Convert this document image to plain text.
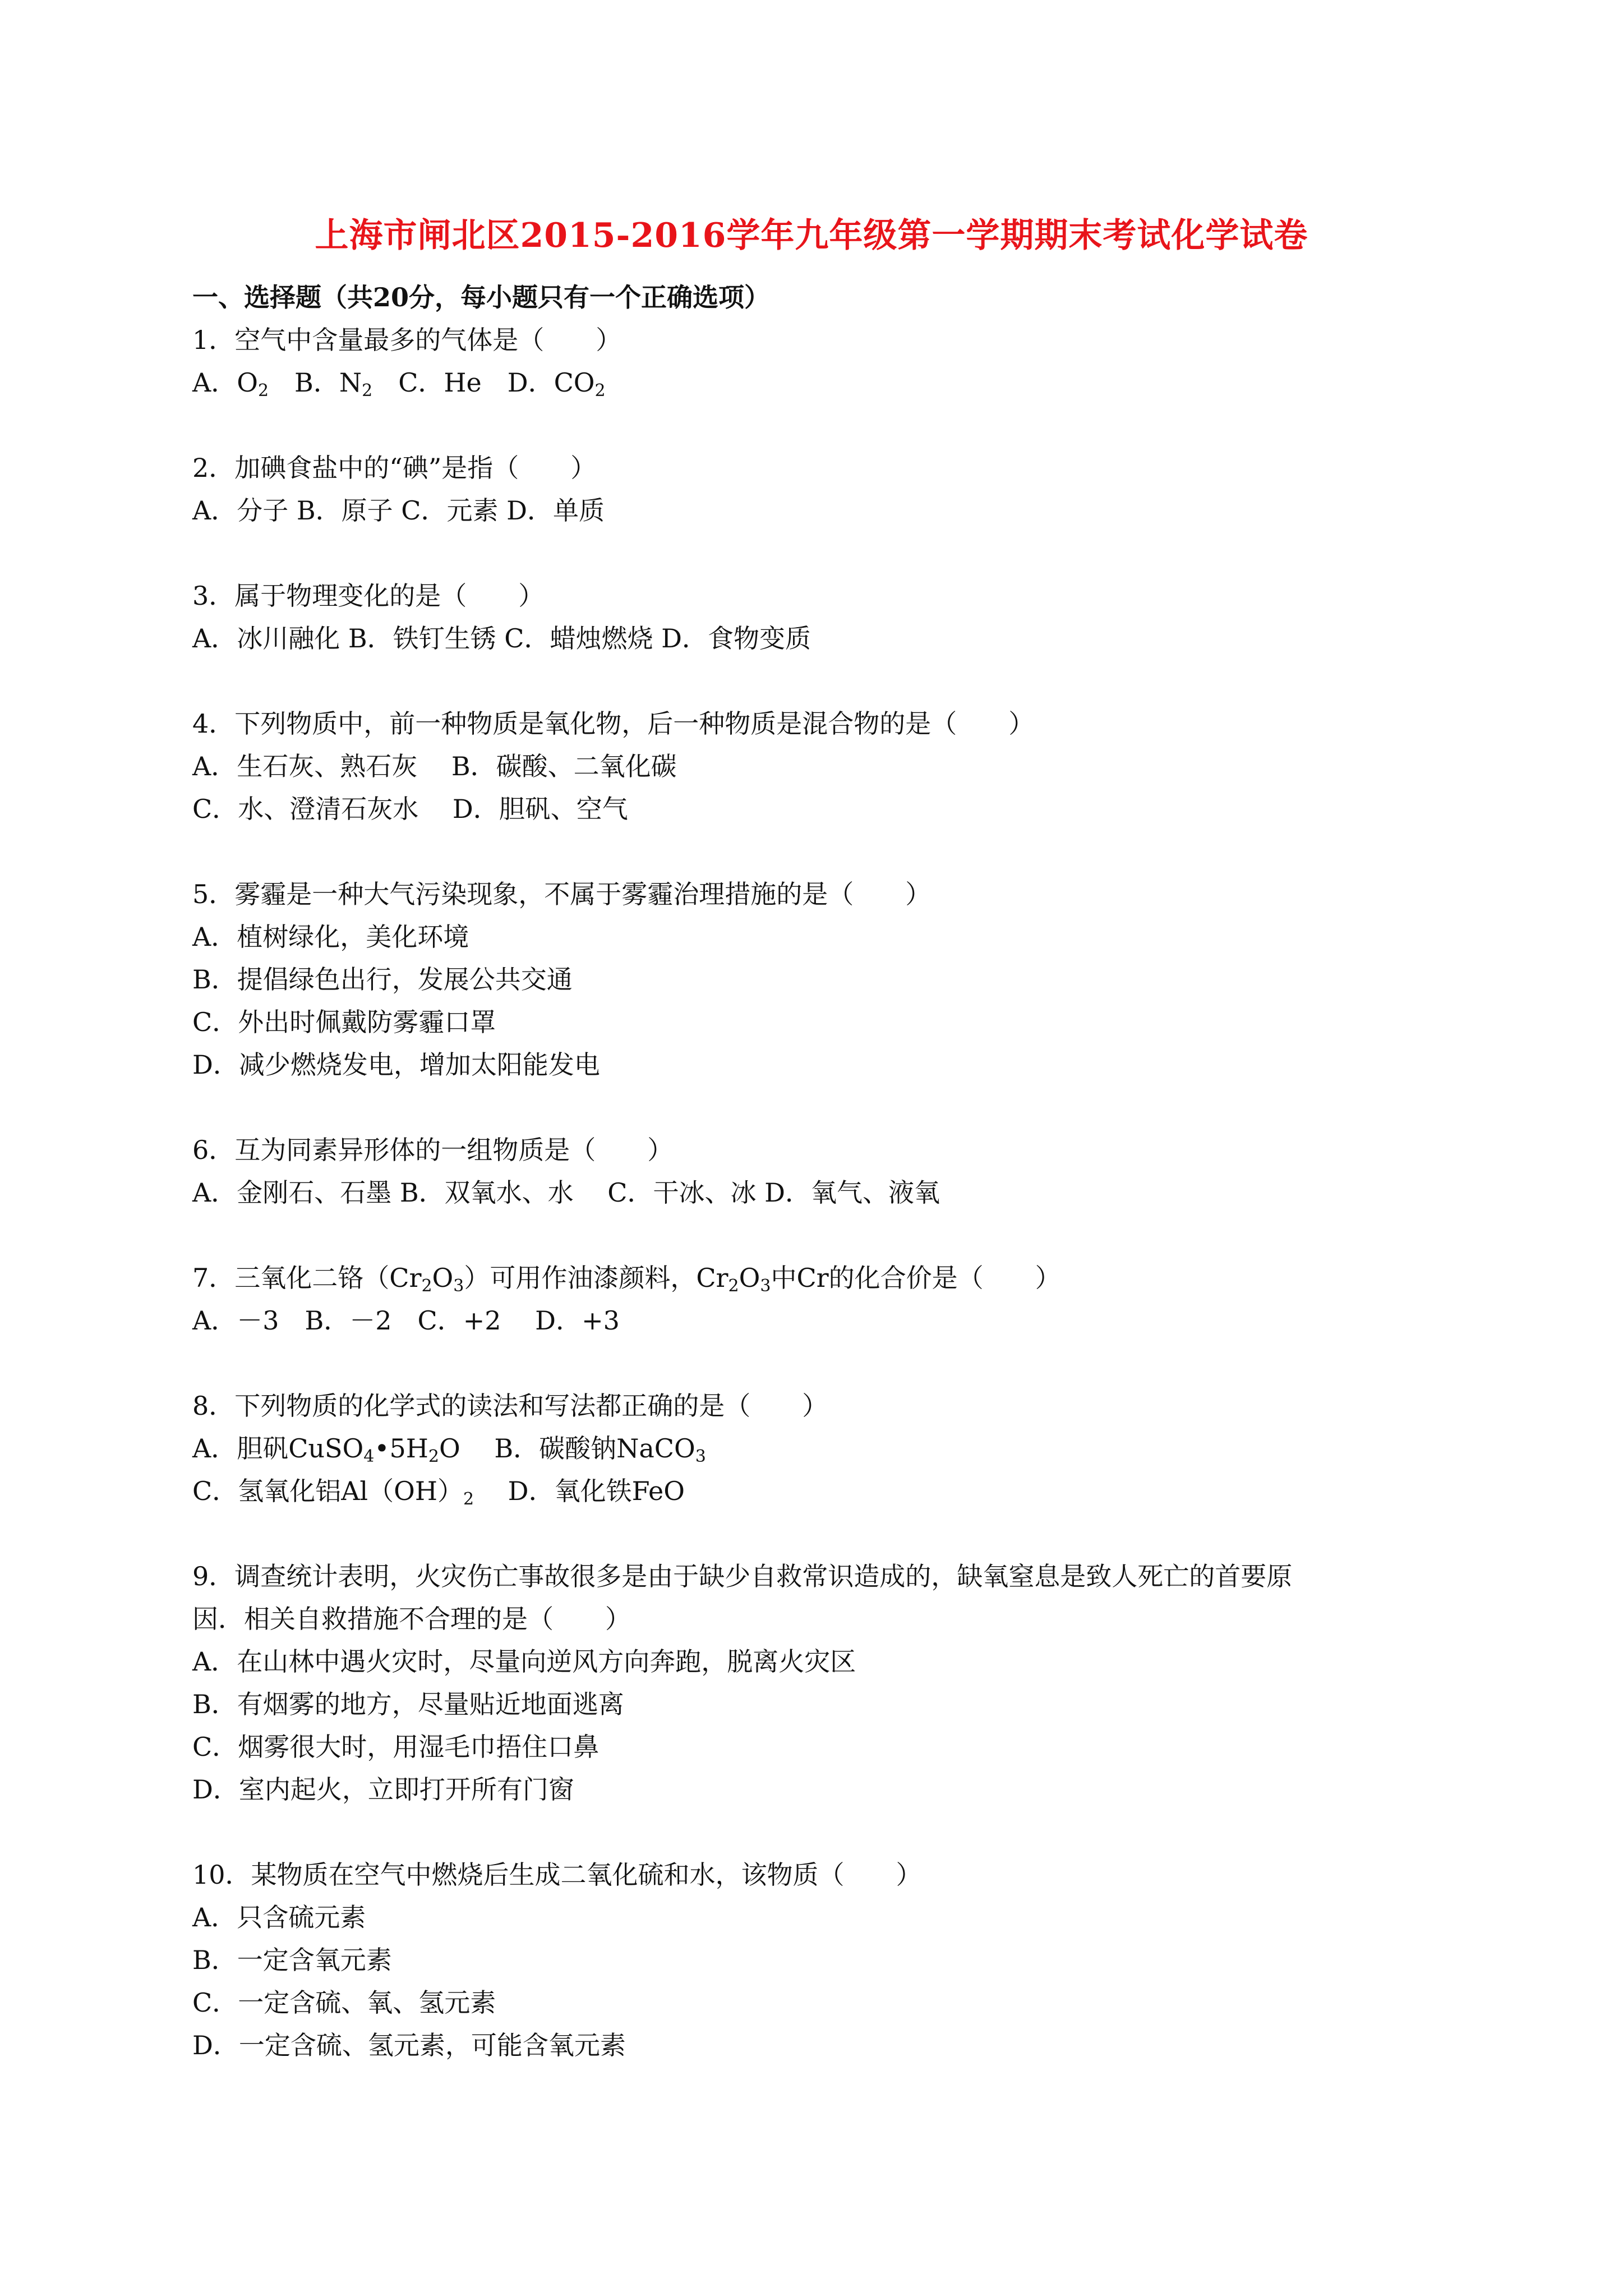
上海市闸北区2015-2016学年九年级第一学期期末考试化学试卷
一、选择题（共20分，每小题只有一个正确选项）
1．空气中含量最多的气体是（　　）
A．$O_2$ B．$N_2$ C．He D．$CO_2$
2．加碘食盐中的“碘”是指（　　）
A．分子 B．原子 C．元素 D．单质
3．属于物理变化的是（　　）
A．冰川融化 B．铁钉生锈 C．蜡烛燃烧 D．食物变质
4．下列物质中，前一种物质是氧化物，后一种物质是混合物的是（　　）
A．生石灰、熟石灰　 B．碳酸、二氧化碳
C．水、澄清石灰水　 D．胆矾、空气
5．雾霾是一种大气污染现象，不属于雾霾治理措施的是（　　）
A．植树绿化，美化环境
B．提倡绿色出行，发展公共交通
C．外出时佩戴防雾霾口罩
D．减少燃烧发电，增加太阳能发电
6．互为同素异形体的一组物质是（　　）
A．金刚石、石墨 B．双氧水、水　 C．干冰、冰 D．氧气、液氧
7．三氧化二铬$(Cr_2O_3)$可用作油漆颜料，$Cr_2O_3$中Cr的化合价是（　　）
A．－3　B．－2　C．+2　 D．+3
8．下列物质的化学式的读法和写法都正确的是（　　）
A．胆矾$CuSO_4•5H_2O$　 B．碳酸钠NaCO$_3$
C．氢氧化铝$Al(OH)_2$　 D．氧化铁FeO
9．调查统计表明，火灾伤亡事故很多是由于缺少自救常识造成的，缺氧窒息是致人死亡的首要原
因．相关自救措施不合理的是（　　）
A．在山林中遇火灾时，尽量向逆风方向奔跑，脱离火灾区
B．有烟雾的地方，尽量贴近地面逃离
C．烟雾很大时，用湿毛巾捂住口鼻
D．室内起火，立即打开所有门窗
10．某物质在空气中燃烧后生成二氧化硫和水，该物质（　　）
A．只含硫元素
B．一定含氧元素
C．一定含硫、氧、氢元素
D．一定含硫、氢元素，可能含氧元素
